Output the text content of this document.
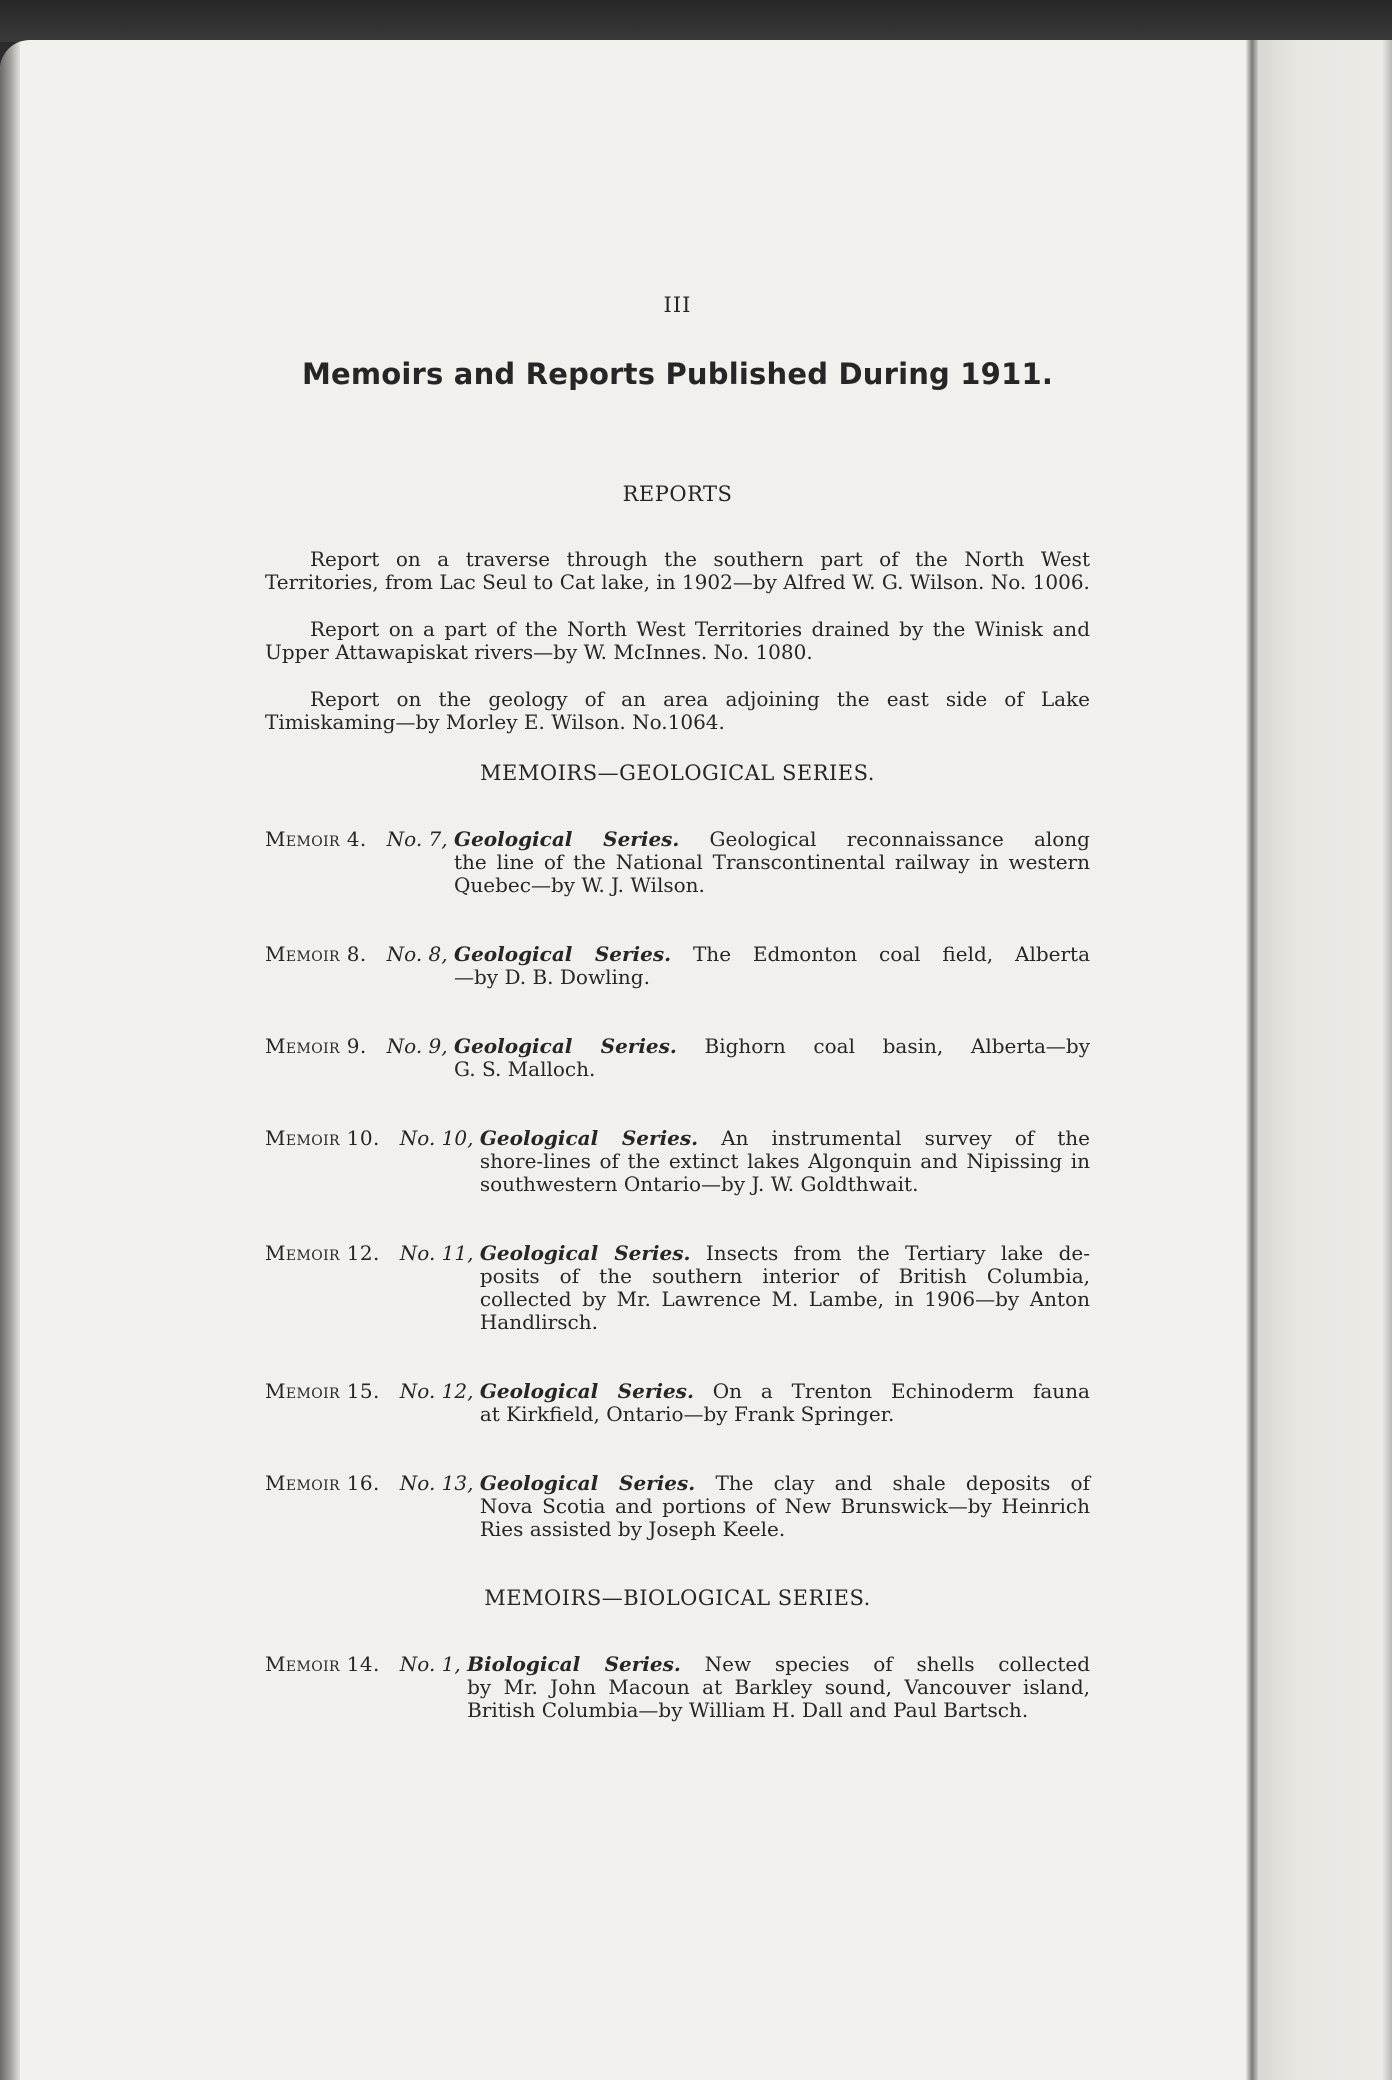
III
Memoirs and Reports Published During 1911.
REPORTS

Report on a traverse through the southern part of the North West Territories, from Lac Seul to Cat lake, in 1902—by Alfred W. G. Wilson. No. 1006.

Report on a part of the North West Territories drained by the Winisk and Upper Attawapiskat rivers—by W. McInnes. No. 1080.

Report on the geology of an area adjoining the east side of Lake Timiskaming—by Morley E. Wilson. No.1064.

MEMOIRS—GEOLOGICAL SERIES.
Memoir 4. No. 7, Geological Series. Geological reconnaissance along
the line of the National Transcontinental railway in western Quebec—by W. J. Wilson.
Memoir 8. No. 8, Geological Series. The Edmonton coal field, Alberta
—by D. B. Dowling.
Memoir 9. No. 9, Geological Series. Bighorn coal basin, Alberta—by
G. S. Malloch.
Memoir 10. No. 10, Geological Series. An instrumental survey of the
shore-lines of the extinct lakes Algonquin and Nipissing in southwestern Ontario—by J. W. Goldthwait.
Memoir 12. No. 11, Geological Series. Insects from the Tertiary lake de-
posits of the southern interior of British Columbia, collected by Mr. Lawrence M. Lambe, in 1906—by Anton Handlirsch.
Memoir 15. No. 12, Geological Series. On a Trenton Echinoderm fauna
at Kirkfield, Ontario—by Frank Springer.
Memoir 16. No. 13, Geological Series. The clay and shale deposits of
Nova Scotia and portions of New Brunswick—by Heinrich Ries assisted by Joseph Keele.
MEMOIRS—BIOLOGICAL SERIES.
Memoir 14. No. 1, Biological Series. New species of shells collected
by Mr. John Macoun at Barkley sound, Vancouver island, British Columbia—by William H. Dall and Paul Bartsch.
